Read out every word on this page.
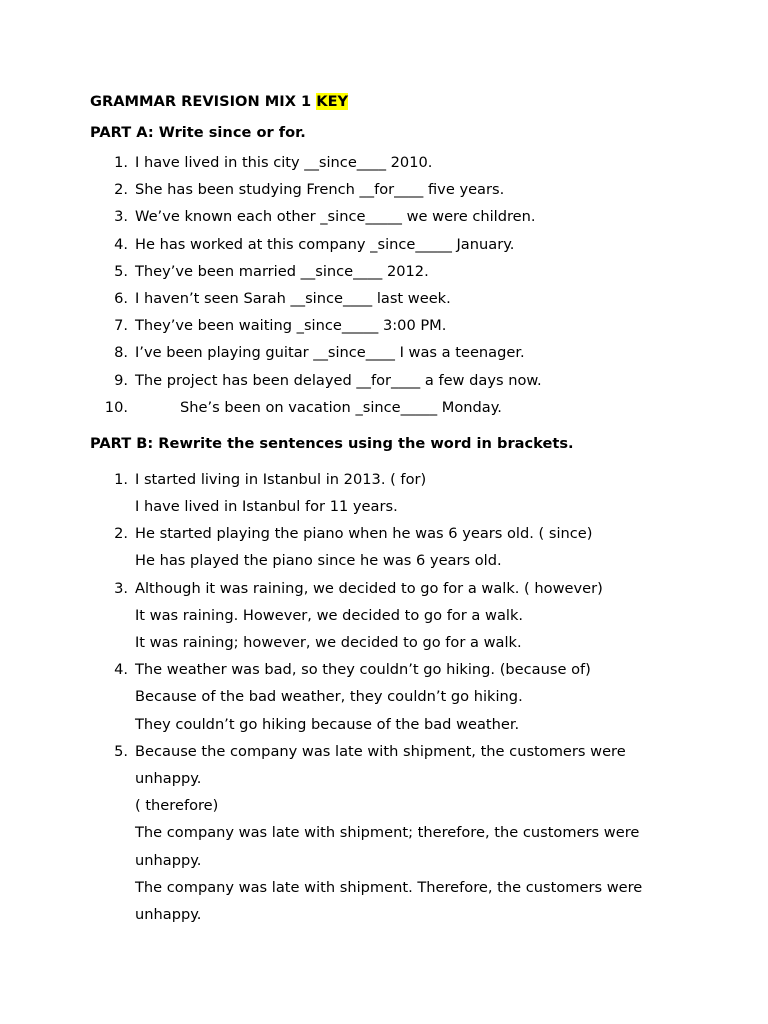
GRAMMAR REVISION MIX 1 KEY
PART A: Write since or for.
1. I have lived in this city __since____ 2010.
2. She has been studying French __for____ five years.
3. We’ve known each other _since_____ we were children.
4. He has worked at this company _since_____ January.
5. They’ve been married __since____ 2012.
6. I haven’t seen Sarah __since____ last week.
7. They’ve been waiting _since_____ 3:00 PM.
8. I’ve been playing guitar __since____ I was a teenager.
9. The project has been delayed __for____ a few days now.
10.	She’s been on vacation _since_____ Monday.
PART B: Rewrite the sentences using the word in brackets.
1. I started living in Istanbul in 2013. ( for)
I have lived in Istanbul for 11 years.
2. He started playing the piano when he was 6 years old. ( since)
He has played the piano since he was 6 years old.
3. Although it was raining, we decided to go for a walk. ( however)
It was raining. However, we decided to go for a walk.
It was raining; however, we decided to go for a walk.
4. The weather was bad, so they couldn’t go hiking. (because of)
Because of the bad weather, they couldn’t go hiking.
They couldn’t go hiking because of the bad weather.
5. Because the company was late with shipment, the customers were
unhappy.
( therefore)
The company was late with shipment; therefore, the customers were
unhappy.
The company was late with shipment. Therefore, the customers were
unhappy.
